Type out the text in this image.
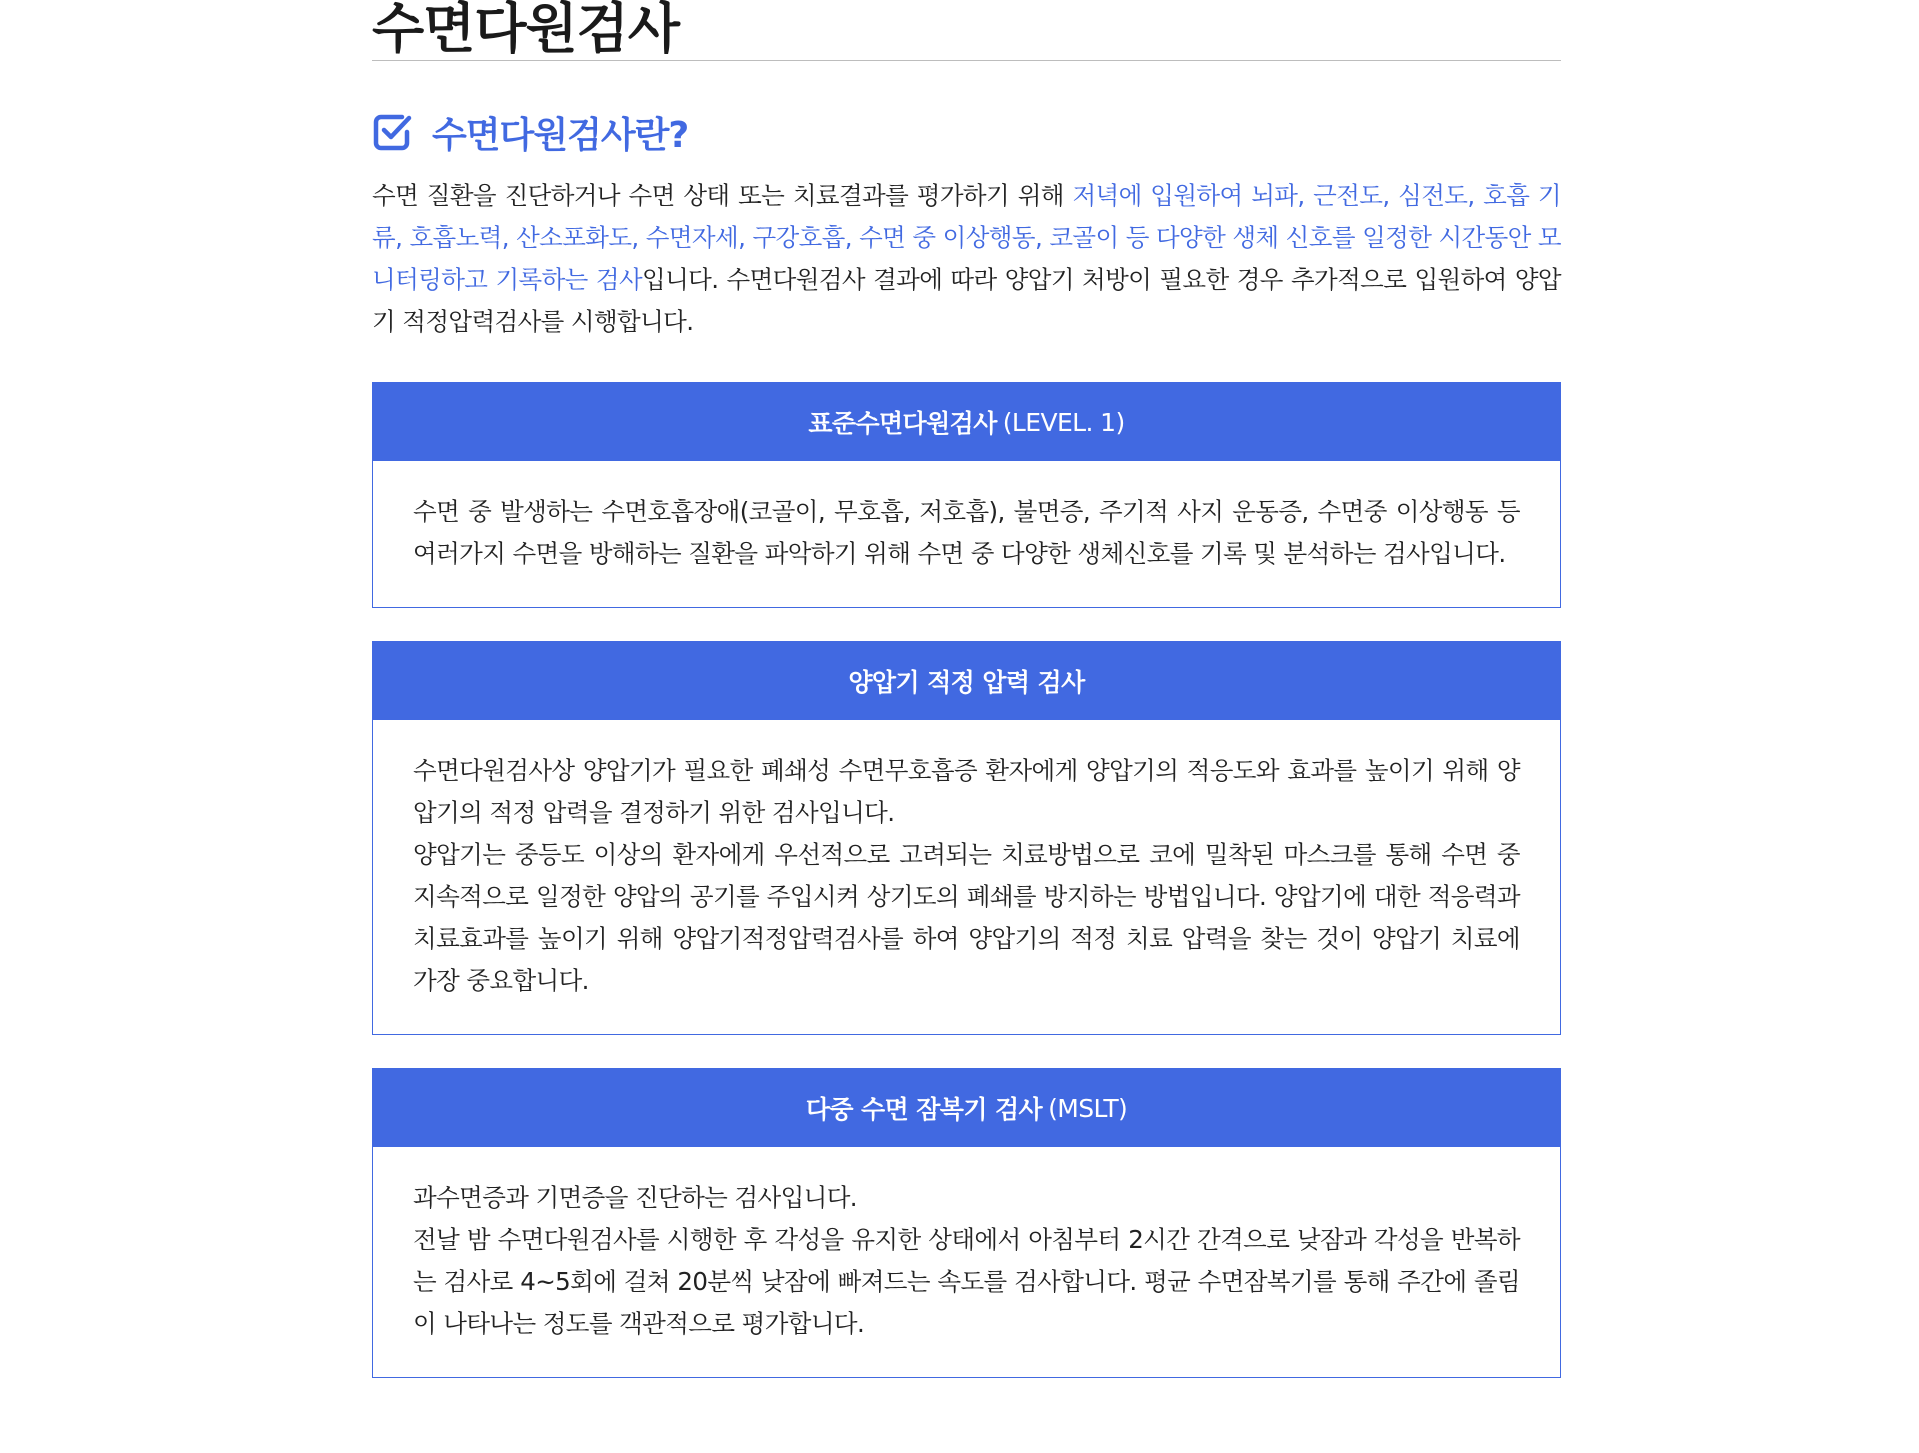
수면다원검사
수면다원검사란?
수면 질환을 진단하거나 수면 상태 또는 치료결과를 평가하기 위해 저녁에 입원하여 뇌파, 근전도, 심전도, 호흡 기류, 호흡노력, 산소포화도, 수면자세, 구강호흡, 수면 중 이상행동, 코골이 등 다양한 생체 신호를 일정한 시간동안 모니터링하고 기록하는 검사입니다. 수면다원검사 결과에 따라 양압기 처방이 필요한 경우 추가적으로 입원하여 양압기 적정압력검사를 시행합니다.
표준수면다원검사 (LEVEL. 1)

수면 중 발생하는 수면호흡장애(코골이, 무호흡, 저호흡), 불면증, 주기적 사지 운동증, 수면중 이상행동 등 여러가지 수면을 방해하는 질환을 파악하기 위해 수면 중 다양한 생체신호를 기록 및 분석하는 검사입니다.

양압기 적정 압력 검사

수면다원검사상 양압기가 필요한 폐쇄성 수면무호흡증 환자에게 양압기의 적응도와 효과를 높이기 위해 양압기의 적정 압력을 결정하기 위한 검사입니다.

양압기는 중등도 이상의 환자에게 우선적으로 고려되는 치료방법으로 코에 밀착된 마스크를 통해 수면 중 지속적으로 일정한 양압의 공기를 주입시켜 상기도의 폐쇄를 방지하는 방법입니다. 양압기에 대한 적응력과 치료효과를 높이기 위해 양압기적정압력검사를 하여 양압기의 적정 치료 압력을 찾는 것이 양압기 치료에 가장 중요합니다.

다중 수면 잠복기 검사 (MSLT)

과수면증과 기면증을 진단하는 검사입니다.

전날 밤 수면다원검사를 시행한 후 각성을 유지한 상태에서 아침부터 2시간 간격으로 낮잠과 각성을 반복하는 검사로 4~5회에 걸쳐 20분씩 낮잠에 빠져드는 속도를 검사합니다. 평균 수면잠복기를 통해 주간에 졸림이 나타나는 정도를 객관적으로 평가합니다.
